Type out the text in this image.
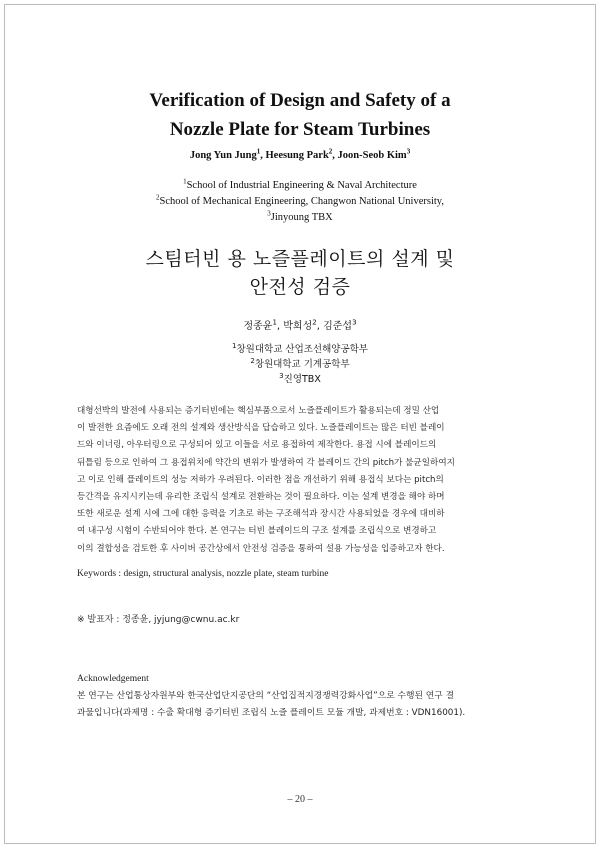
Verification of Design and Safety of a
Nozzle Plate for Steam Turbines
Jong Yun Jung$^1$, Heesung Park$^2$, Joon-Seob Kim$^3$
$^1$School of Industrial Engineering & Naval Architecture
$^2$School of Mechanical Engineering, Changwon National University,
$^3$Jinyoung TBX
스팀터빈 용 노즐플레이트의 설계 및
안전성 검증
정종윤$^1$, 박희성$^2$, 김준섭$^3$
$^1$창원대학교 산업조선해양공학부
$^2$창원대학교 기계공학부
$^3$진영TBX
대형선박의 발전에 사용되는 증기터빈에는 핵심부품으로서 노즐플레이트가 활용되는데 정밀 산업
이 발전한 요즘에도 오래 전의 설계와 생산방식을 답습하고 있다. 노즐플레이트는 많은 터빈 블레이
드와 이너링, 아우터링으로 구성되어 있고 이들을 서로 용접하여 제작한다. 용접 시에 블레이드의
뒤틀림 등으로 인하여 그 용접위치에 약간의 변위가 발생하여 각 블레이드 간의 pitch가 불균일하여지
고 이로 인해 플레이트의 성능 저하가 우려된다. 이러한 점을 개선하기 위해 용접식 보다는 pitch의
등간격을 유지시키는데 유리한 조립식 설계로 전환하는 것이 필요하다. 이는 설계 변경을 해야 하며
또한 새로운 설계 시에 그에 대한 응력을 기초로 하는 구조해석과 장시간 사용되었을 경우에 대비하
여 내구성 시험이 수반되어야 한다. 본 연구는 터빈 블레이드의 구조 설계를 조립식으로 변경하고
이의 결합성을 검토한 후 사이버 공간상에서 안전성 검증을 통하여 설용 가능성을 입증하고자 한다.
Keywords : design, structural analysis, nozzle plate, steam turbine
※ 발표자 : 정종윤, jyjung@cwnu.ac.kr
Acknowledgement
본 연구는 산업통상자원부와 한국산업단지공단의 “산업집적지경쟁력강화사업”으로 수행된 연구 결
과물입니다(과제명 : 수출 확대형 증기터빈 조립식 노즐 플레이트 모듈 개발, 과제번호 : VDN16001).
– 20 –
